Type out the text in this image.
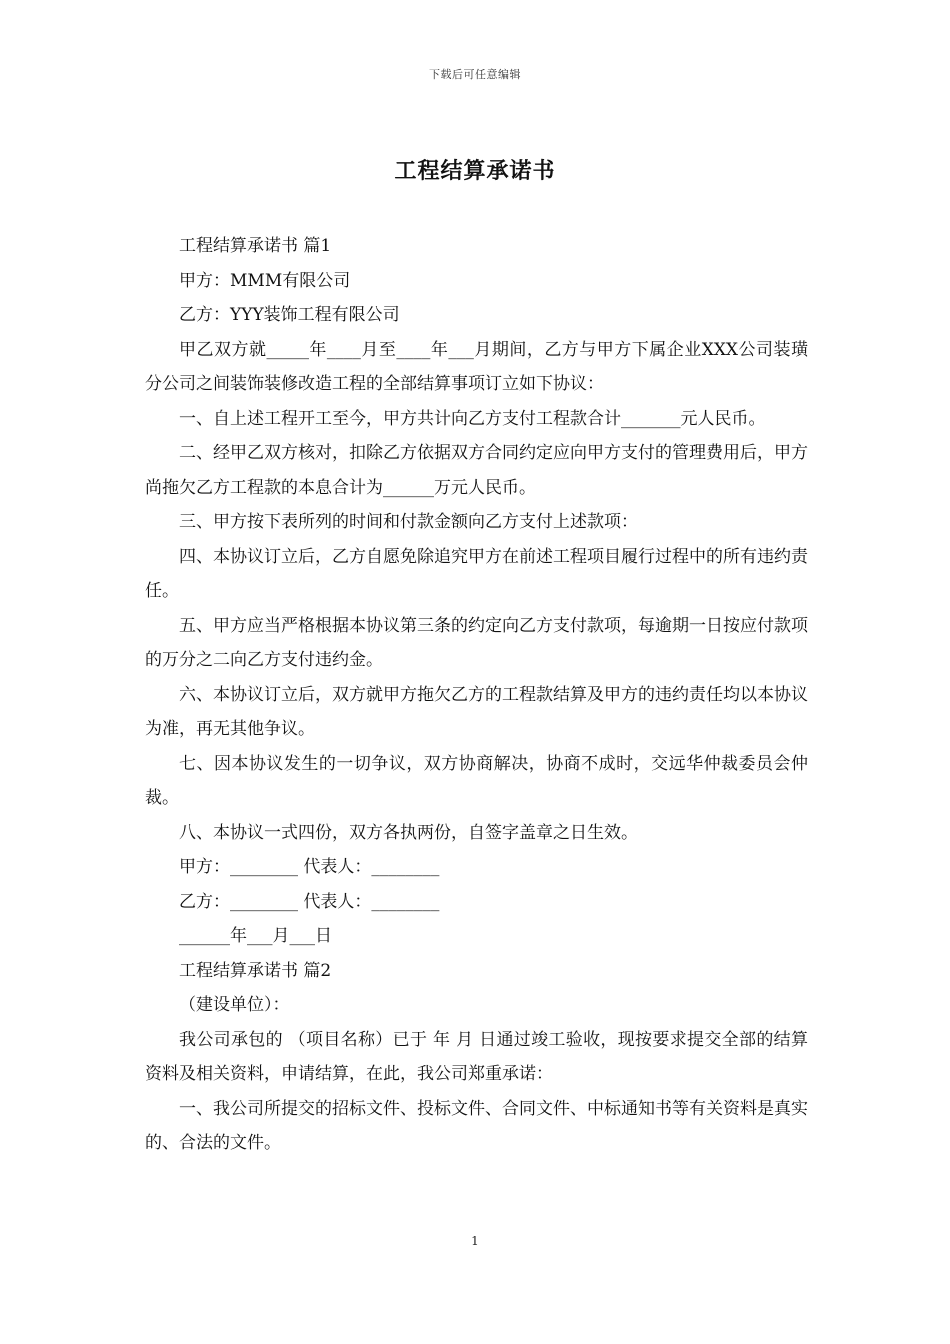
下载后可任意编辑
工程结算承诺书

工程结算承诺书 篇1

甲方：MMM有限公司

乙方：YYY装饰工程有限公司

甲乙双方就_____年____月至____年___月期间，乙方与甲方下属企业XXX公司装璜分公司之间装饰装修改造工程的全部结算事项订立如下协议：

一、自上述工程开工至今，甲方共计向乙方支付工程款合计_______元人民币。

二、经甲乙双方核对，扣除乙方依据双方合同约定应向甲方支付的管理费用后，甲方尚拖欠乙方工程款的本息合计为______万元人民币。

三、甲方按下表所列的时间和付款金额向乙方支付上述款项：

四、本协议订立后，乙方自愿免除追究甲方在前述工程项目履行过程中的所有违约责任。

五、甲方应当严格根据本协议第三条的约定向乙方支付款项，每逾期一日按应付款项的万分之二向乙方支付违约金。

六、本协议订立后，双方就甲方拖欠乙方的工程款结算及甲方的违约责任均以本协议为准，再无其他争议。

七、因本协议发生的一切争议，双方协商解决，协商不成时，交远华仲裁委员会仲裁。

八、本协议一式四份，双方各执两份，自签字盖章之日生效。

甲方：________ 代表人：________

乙方：________ 代表人：________

______年___月___日

工程结算承诺书 篇2

（建设单位）：

我公司承包的 （项目名称）已于 年 月 日通过竣工验收，现按要求提交全部的结算资料及相关资料，申请结算，在此，我公司郑重承诺：

一、我公司所提交的招标文件、投标文件、合同文件、中标通知书等有关资料是真实的、合法的文件。

1
